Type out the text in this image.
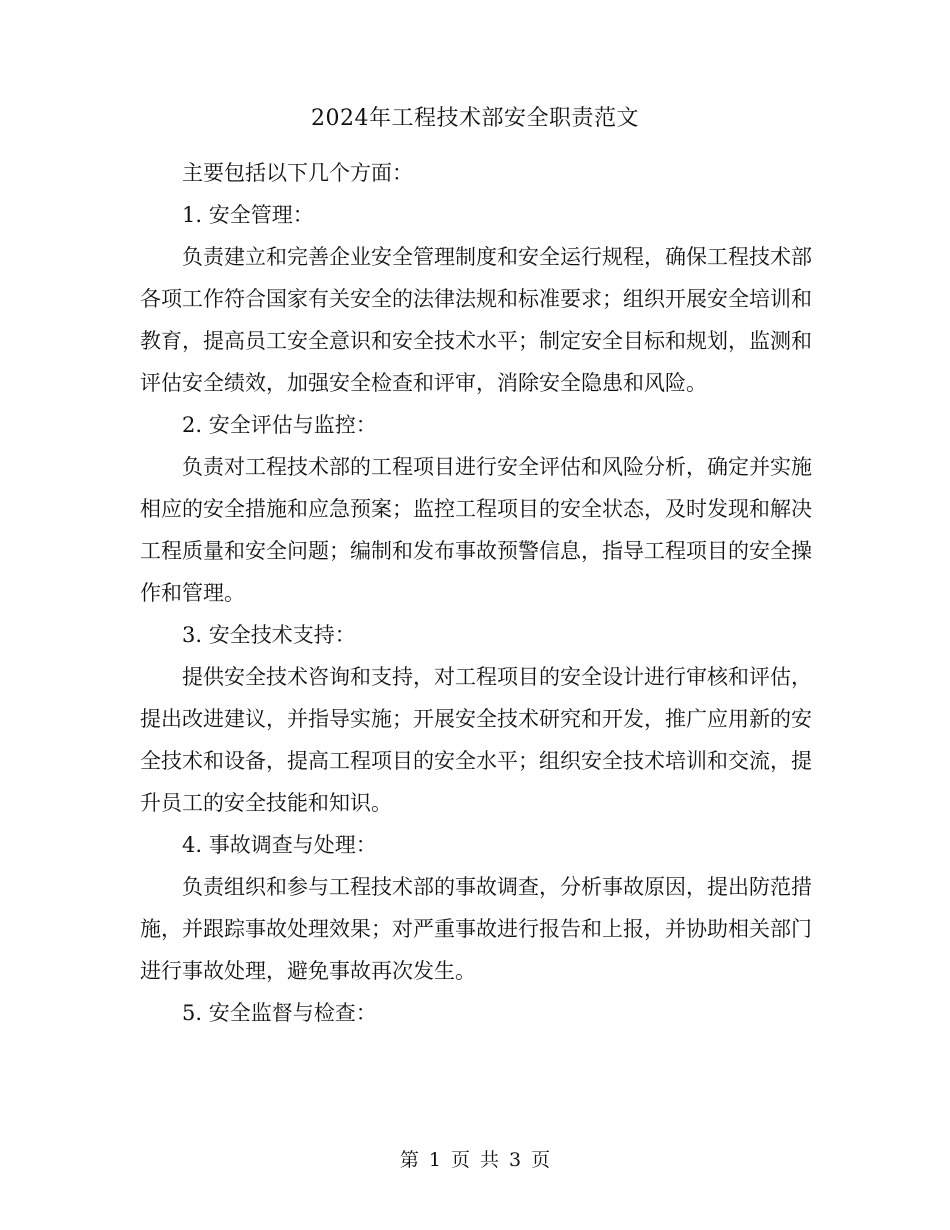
2024年工程技术部安全职责范文

主要包括以下几个方面：

1. 安全管理：

负责建立和完善企业安全管理制度和安全运行规程，确保工程技术部各项工作符合国家有关安全的法律法规和标准要求；组织开展安全培训和教育，提高员工安全意识和安全技术水平；制定安全目标和规划，监测和评估安全绩效，加强安全检查和评审，消除安全隐患和风险。

2. 安全评估与监控：

负责对工程技术部的工程项目进行安全评估和风险分析，确定并实施相应的安全措施和应急预案；监控工程项目的安全状态，及时发现和解决工程质量和安全问题；编制和发布事故预警信息，指导工程项目的安全操作和管理。

3. 安全技术支持：

提供安全技术咨询和支持，对工程项目的安全设计进行审核和评估，提出改进建议，并指导实施；开展安全技术研究和开发，推广应用新的安全技术和设备，提高工程项目的安全水平；组织安全技术培训和交流，提升员工的安全技能和知识。

4. 事故调查与处理：

负责组织和参与工程技术部的事故调查，分析事故原因，提出防范措施，并跟踪事故处理效果；对严重事故进行报告和上报，并协助相关部门进行事故处理，避免事故再次发生。

5. 安全监督与检查：

第 1 页 共 3 页
